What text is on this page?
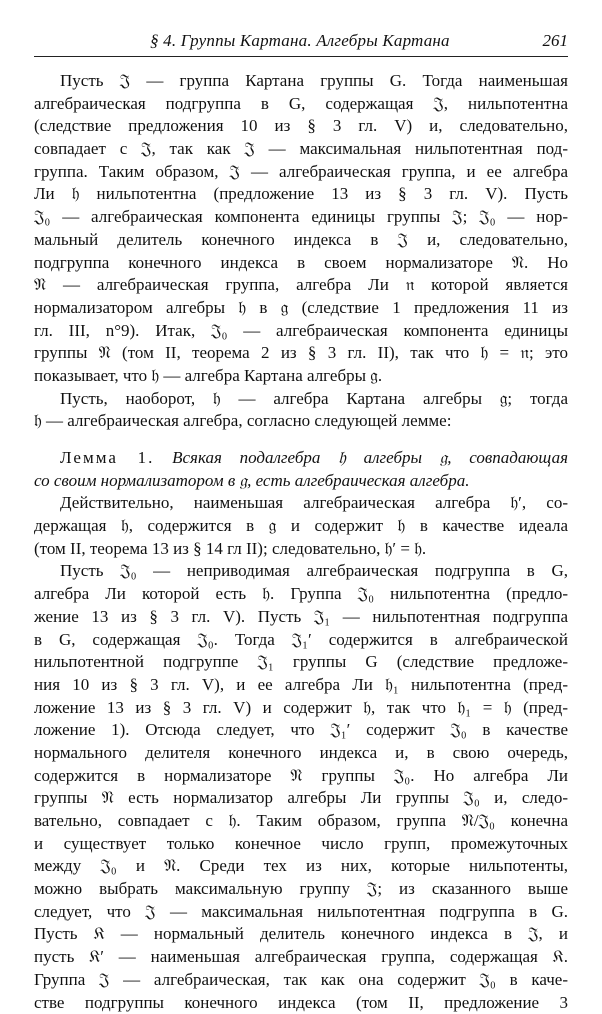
§ 4. Группы Картана. Алгебры Картана	261
Пусть 𝔍 — группа Картана группы G. Тогда наименьшая
алгебраическая подгруппа в G, содержащая 𝔍, нильпотентна
(следствие предложения 10 из § 3 гл. V) и, следовательно,
совпадает с 𝔍, так как 𝔍 — максимальная нильпотентная под-
группа. Таким образом, 𝔍 — алгебраическая группа, и ее алгебра
Ли 𝔥 нильпотентна (предложение 13 из § 3 гл. V). Пусть
𝔍₀ — алгебраическая компонента единицы группы 𝔍; 𝔍₀ — нор-
мальный делитель конечного индекса в 𝔍 и, следовательно,
подгруппа конечного индекса в своем нормализаторе 𝔑. Но
𝔑 — алгебраическая группа, алгебра Ли 𝔫 которой является
нормализатором алгебры 𝔥 в 𝔤 (следствие 1 предложения 11 из
гл. III, n°9). Итак, 𝔍₀ — алгебраическая компонента единицы
группы 𝔑 (том II, теорема 2 из § 3 гл. II), так что 𝔥 = 𝔫; это
показывает, что 𝔥 — алгебра Картана алгебры 𝔤.
Пусть, наоборот, 𝔥 — алгебра Картана алгебры 𝔤; тогда
𝔥 — алгебраическая алгебра, согласно следующей лемме:
Лемма 1. Всякая подалгебра 𝔥 алгебры 𝔤, совпадающая
со своим нормализатором в 𝔤, есть алгебраическая алгебра.
Действительно, наименьшая алгебраическая алгебра 𝔥′, со-
держащая 𝔥, содержится в 𝔤 и содержит 𝔥 в качестве идеала
(том II, теорема 13 из § 14 гл II); следовательно, 𝔥′ = 𝔥.
Пусть 𝔍₀ — неприводимая алгебраическая подгруппа в G,
алгебра Ли которой есть 𝔥. Группа 𝔍₀ нильпотентна (предло-
жение 13 из § 3 гл. V). Пусть 𝔍₁ — нильпотентная подгруппа
в G, содержащая 𝔍₀. Тогда 𝔍₁′ содержится в алгебраической
нильпотентной подгруппе 𝔍₁ группы G (следствие предложе-
ния 10 из § 3 гл. V), и ее алгебра Ли 𝔥₁ нильпотентна (пред-
ложение 13 из § 3 гл. V) и содержит 𝔥, так что 𝔥₁ = 𝔥 (пред-
ложение 1). Отсюда следует, что 𝔍₁′ содержит 𝔍₀ в качестве
нормального делителя конечного индекса и, в свою очередь,
содержится в нормализаторе 𝔑 группы 𝔍₀. Но алгебра Ли
группы 𝔑 есть нормализатор алгебры Ли группы 𝔍₀ и, следо-
вательно, совпадает с 𝔥. Таким образом, группа 𝔑/𝔍₀ конечна
и существует только конечное число групп, промежуточных
между 𝔍₀ и 𝔑. Среди тех из них, которые нильпотенты,
можно выбрать максимальную группу 𝔍; из сказанного выше
следует, что 𝔍 — максимальная нильпотентная подгруппа в G.
Пусть 𝔎 — нормальный делитель конечного индекса в 𝔍, и
пусть 𝔎′ — наименьшая алгебраическая группа, содержащая 𝔎.
Группа 𝔍 — алгебраическая, так как она содержит 𝔍₀ в каче-
стве подгруппы конечного индекса (том II, предложение 3
